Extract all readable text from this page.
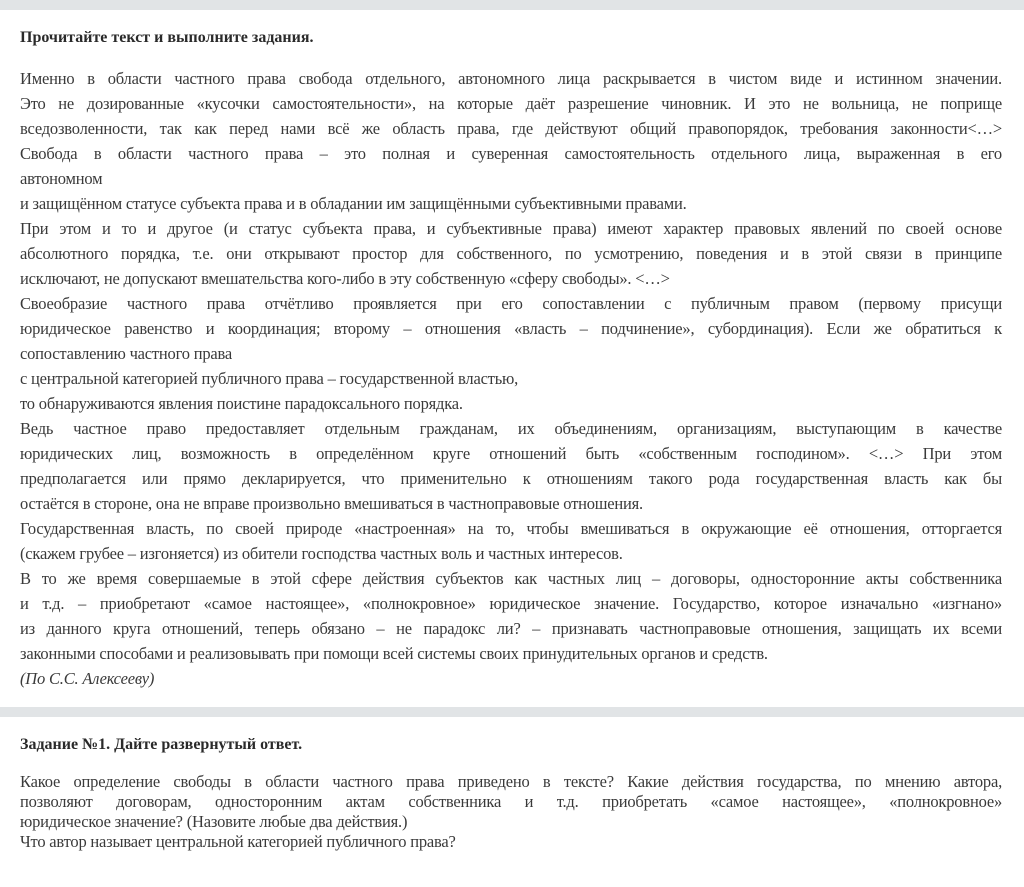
Прочитайте текст и выполните задания.
Именно в области частного права свобода отдельного, автономного лица раскрывается в чистом виде и истинном значении.
Это не дозированные «кусочки самостоятельности», на которые даёт разрешение чиновник. И это не вольница, не поприще
вседозволенности, так как перед нами всё же область права, где действуют общий правопорядок, требования законности<…>
Свобода в области частного права – это полная и суверенная самостоятельность отдельного лица, выраженная в его
автономном
и защищённом статусе субъекта права и в обладании им защищёнными субъективными правами.
При этом и то и другое (и статус субъекта права, и субъективные права) имеют характер правовых явлений по своей основе
абсолютного порядка, т.е. они открывают простор для собственного, по усмотрению, поведения и в этой связи в принципе
исключают, не допускают вмешательства кого-либо в эту собственную «сферу свободы». <…>
Своеобразие частного права отчётливо проявляется при его сопоставлении с публичным правом (первому присущи
юридическое равенство и координация; второму – отношения «власть – подчинение», субординация). Если же обратиться к
сопоставлению частного права
с центральной категорией публичного права – государственной властью,
то обнаруживаются явления поистине парадоксального порядка.
Ведь частное право предоставляет отдельным гражданам, их объединениям, организациям, выступающим в качестве
юридических лиц, возможность в определённом круге отношений быть «собственным господином». <…> При этом
предполагается или прямо декларируется, что применительно к отношениям такого рода государственная власть как бы
остаётся в стороне, она не вправе произвольно вмешиваться в частноправовые отношения.
Государственная власть, по своей природе «настроенная» на то, чтобы вмешиваться в окружающие её отношения, отторгается
(скажем грубее – изгоняется) из обители господства частных воль и частных интересов.
В то же время совершаемые в этой сфере действия субъектов как частных лиц – договоры, односторонние акты собственника
и т.д. – приобретают «самое настоящее», «полнокровное» юридическое значение. Государство, которое изначально «изгнано»
из данного круга отношений, теперь обязано – не парадокс ли? – признавать частноправовые отношения, защищать их всеми
законными способами и реализовывать при помощи всей системы своих принудительных органов и средств.
(По С.С. Алексееву)
Задание №1. Дайте развернутый ответ.
Какое определение свободы в области частного права приведено в тексте? Какие действия государства, по мнению автора,
позволяют договорам, односторонним актам собственника и т.д. приобретать «самое настоящее», «полнокровное»
юридическое значение? (Назовите любые два действия.)
Что автор называет центральной категорией публичного права?
